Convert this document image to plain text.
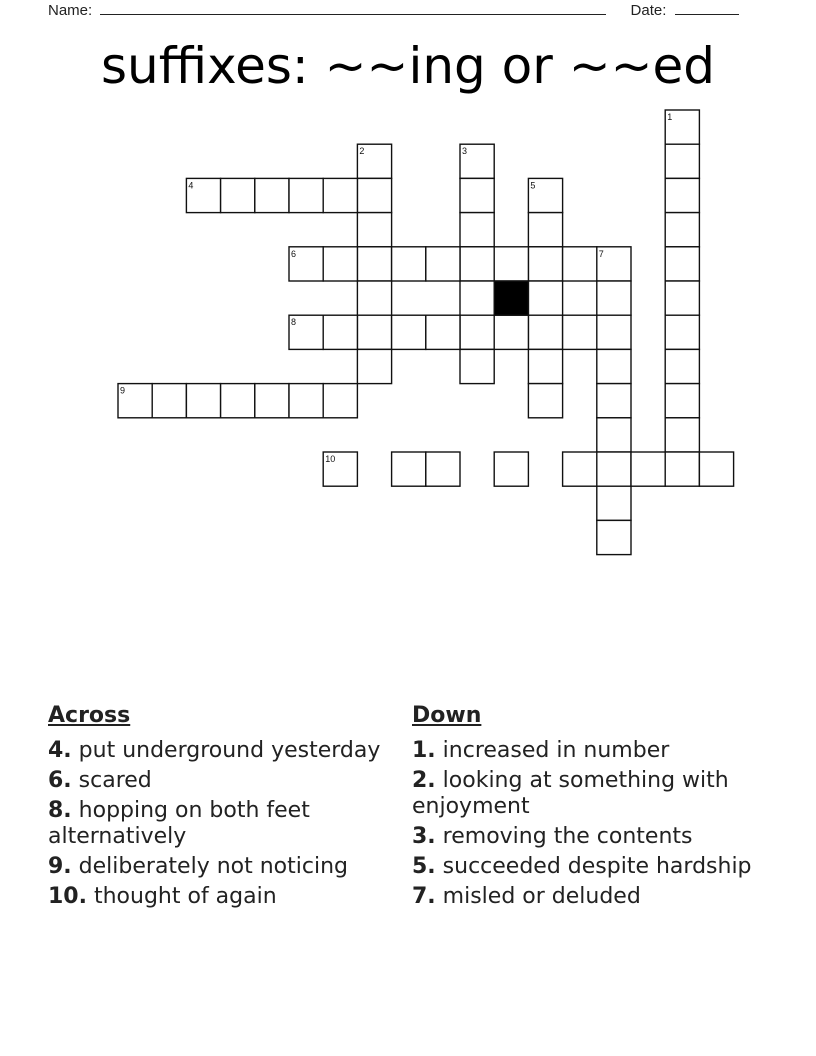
Name:	Date:
suffixes: ~~ing or ~~ed
1
2	3
4	5
6	7
8
9
10
Across
4. put underground yesterday
6. scared
8. hopping on both feet alternatively
9. deliberately not noticing
10. thought of again
Down
1. increased in number
2. looking at something with enjoyment
3. removing the contents
5. succeeded despite hardship
7. misled or deluded
